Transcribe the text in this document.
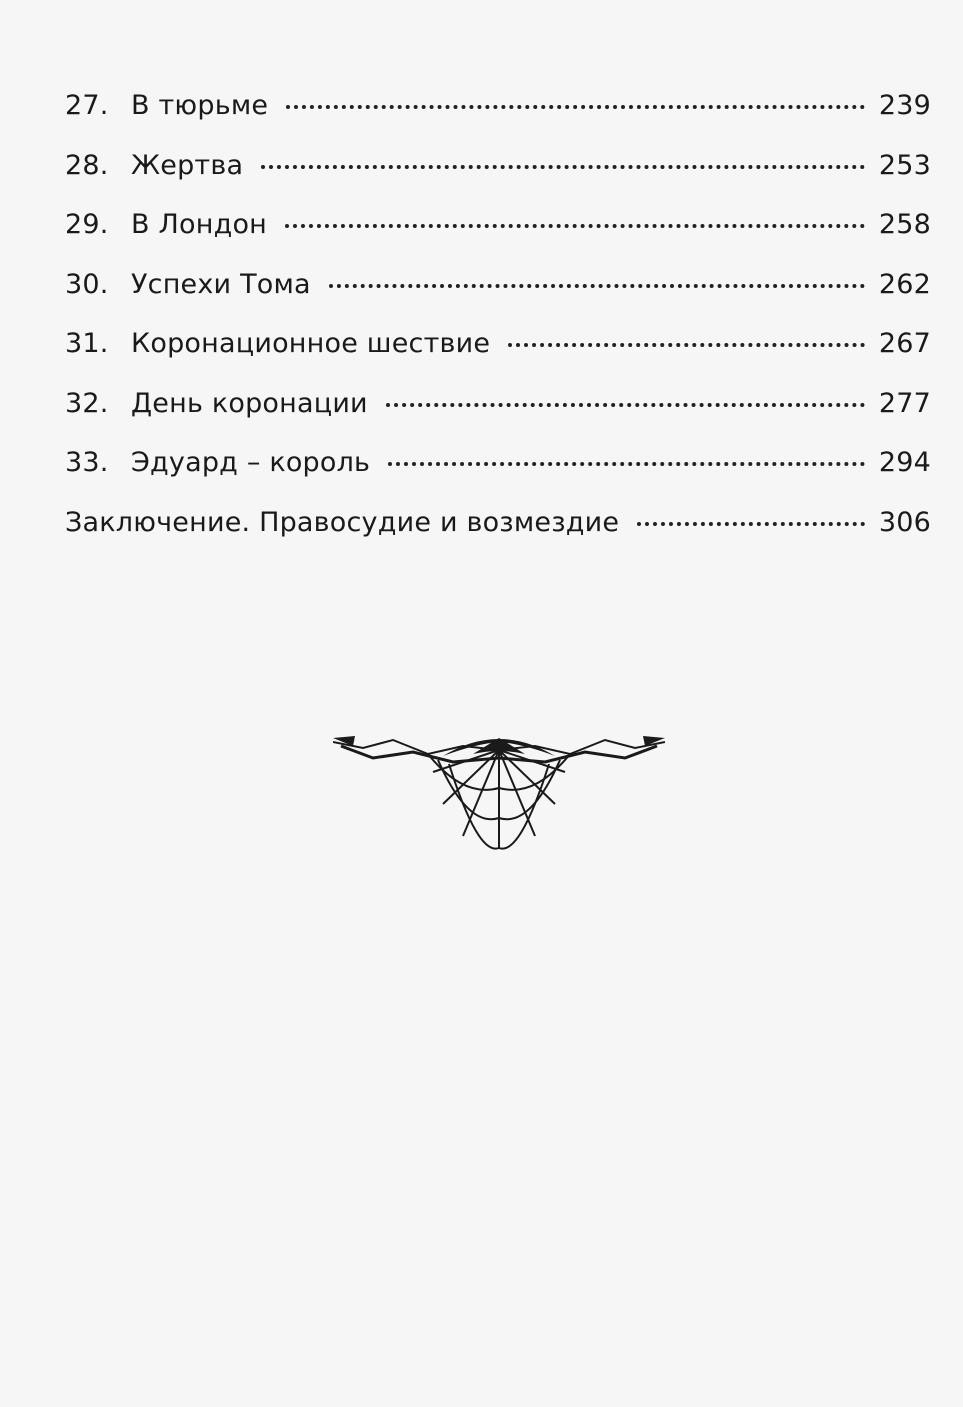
27. В тюрьме	239
28. Жертва	253
29. В Лондон	258
30. Успехи Тома	262
31. Коронационное шествие	267
32. День коронации	277
33. Эдуард – король	294
Заключение. Правосудие и возмездие	306
